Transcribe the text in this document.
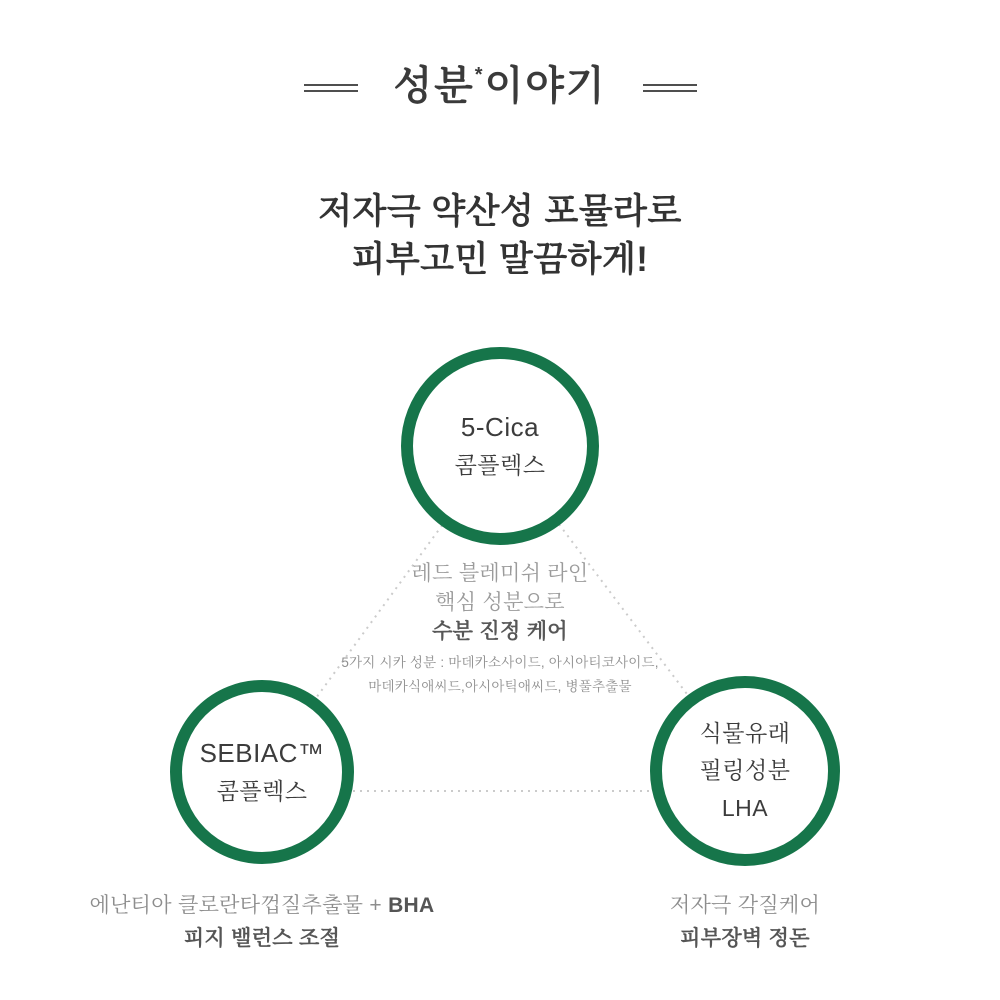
성분*이야기
저자극 약산성 포뮬라로
피부고민 말끔하게!
5-Cica
콤플렉스
SEBIAC™
콤플렉스
식물유래
필링성분
LHA
레드 블레미쉬 라인
핵심 성분으로
수분 진정 케어
5가지 시카 성분 : 마데카소사이드, 아시아티코사이드,
마데카식애씨드,아시아틱애씨드, 병풀추출물
에난티아 클로란타껍질추출물 + BHA
피지 밸런스 조절
저자극 각질케어
피부장벽 정돈
